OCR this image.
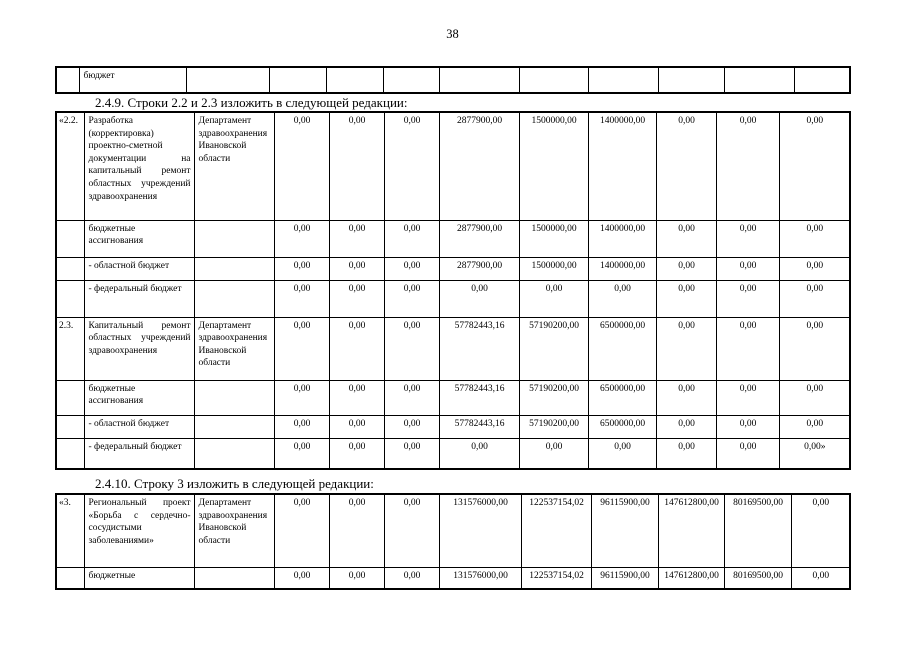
38
	бюджет										
2.4.9. Строки 2.2 и 2.3 изложить в следующей редакции:
«2.2.	Разработка (корректировка) проектно-сметной документации на капитальный ремонт областных учреждений здравоохранения	Департамент здравоохранения Ивановской области	0,00	0,00	0,00	2877900,00	1500000,00	1400000,00	0,00	0,00	0,00
	бюджетные ассигнования		0,00	0,00	0,00	2877900,00	1500000,00	1400000,00	0,00	0,00	0,00
	- областной бюджет		0,00	0,00	0,00	2877900,00	1500000,00	1400000,00	0,00	0,00	0,00
	- федеральный бюджет		0,00	0,00	0,00	0,00	0,00	0,00	0,00	0,00	0,00
2.3.	Капитальный ремонт областных учреждений здравоохранения	Департамент здравоохранения Ивановской области	0,00	0,00	0,00	57782443,16	57190200,00	6500000,00	0,00	0,00	0,00
	бюджетные ассигнования		0,00	0,00	0,00	57782443,16	57190200,00	6500000,00	0,00	0,00	0,00
	- областной бюджет		0,00	0,00	0,00	57782443,16	57190200,00	6500000,00	0,00	0,00	0,00
	- федеральный бюджет		0,00	0,00	0,00	0,00	0,00	0,00	0,00	0,00	0,00»
2.4.10. Строку 3 изложить в следующей редакции:
«3.	Региональный проект «Борьба с сердечно-сосудистыми заболеваниями»	Департамент здравоохранения Ивановской области	0,00	0,00	0,00	131576000,00	122537154,02	96115900,00	147612800,00	80169500,00	0,00
	бюджетные		0,00	0,00	0,00	131576000,00	122537154,02	96115900,00	147612800,00	80169500,00	0,00
